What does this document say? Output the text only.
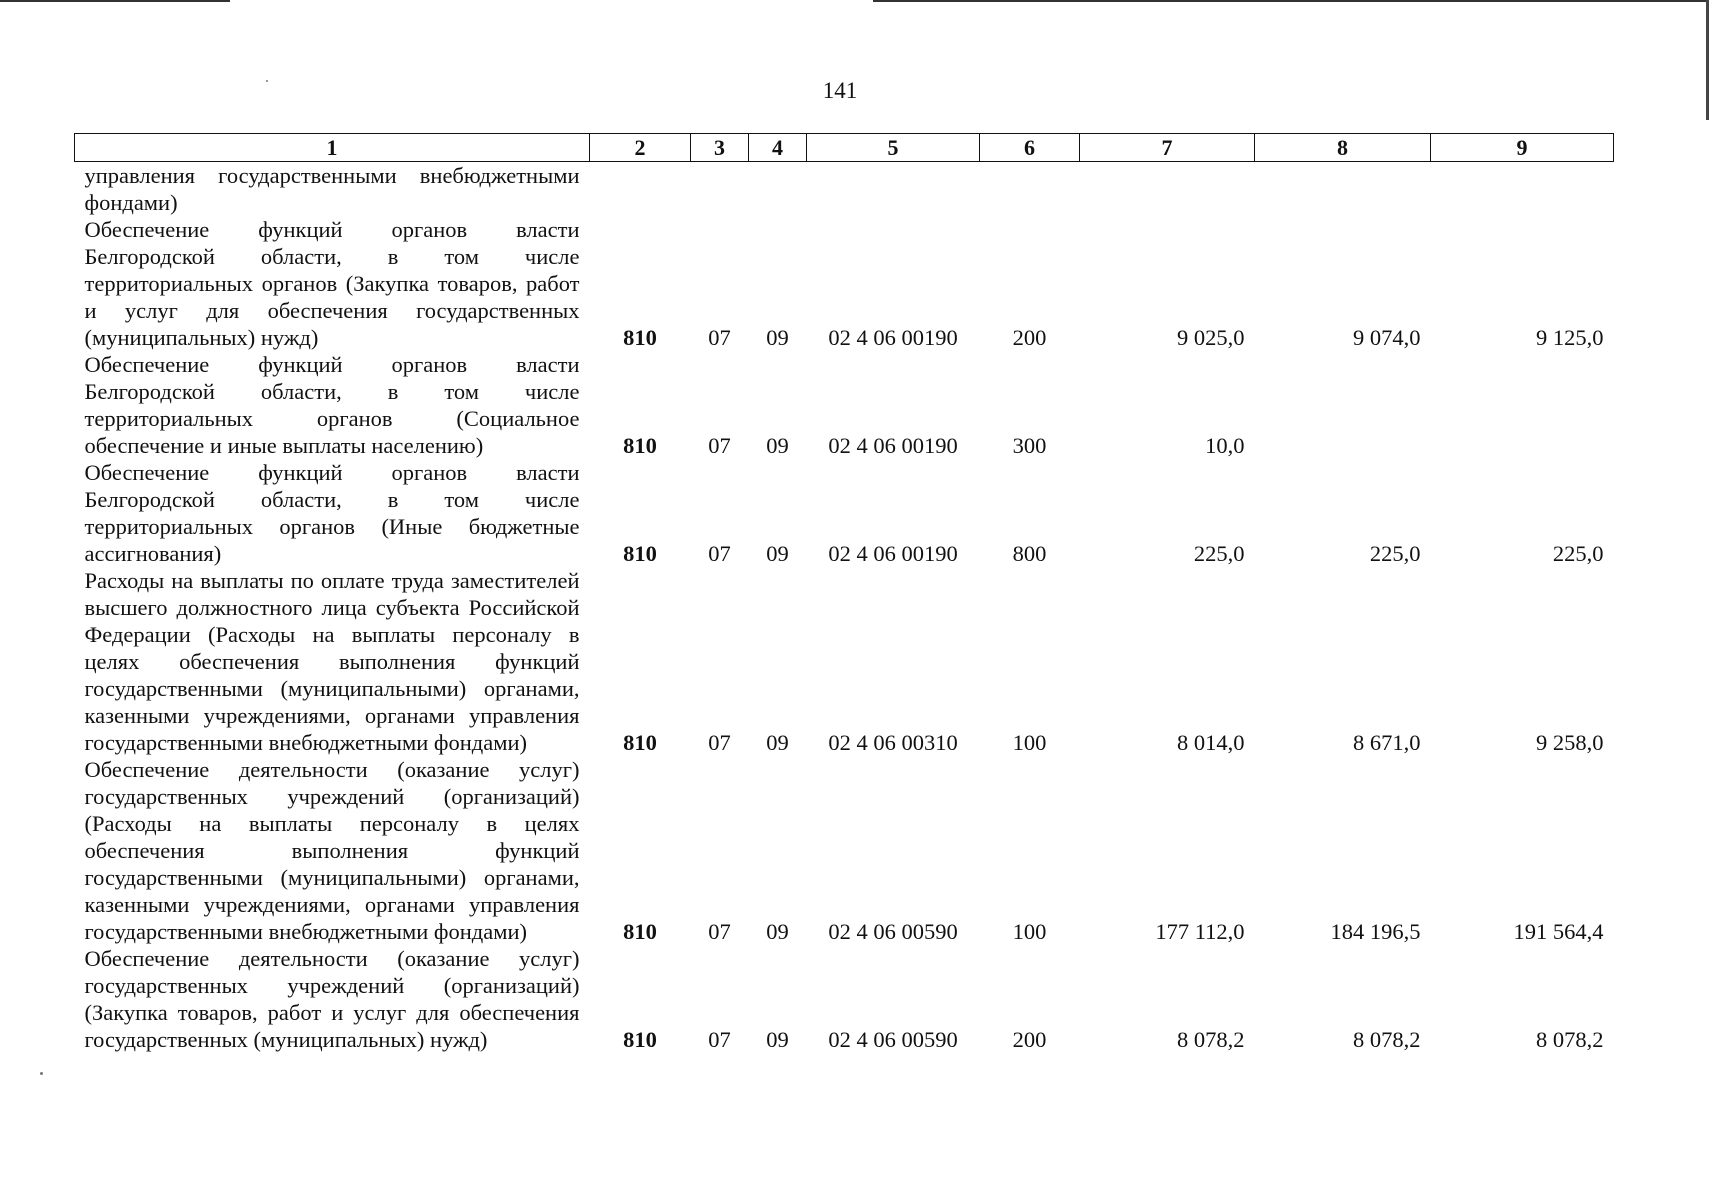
141
1	2	3	4	5	6	7	8	9
управления государственными внебюджетными фондами)								
Обеспечение функций органов власти Белгородской области, в том числе территориальных органов (Закупка товаров, работ и услуг для обеспечения государственных (муниципальных) нужд)	810	07	09	02 4 06 00190	200	9 025,0	9 074,0	9 125,0
Обеспечение функций органов власти Белгородской области, в том числе территориальных органов (Социальное обеспечение и иные выплаты населению)	810	07	09	02 4 06 00190	300	10,0		
Обеспечение функций органов власти Белгородской области, в том числе территориальных органов (Иные бюджетные ассигнования)	810	07	09	02 4 06 00190	800	225,0	225,0	225,0
Расходы на выплаты по оплате труда заместителей высшего должностного лица субъекта Российской Федерации (Расходы на выплаты персоналу в целях обеспечения выполнения функций государственными (муниципальными) органами, казенными учреждениями, органами управления государственными внебюджетными фондами)	810	07	09	02 4 06 00310	100	8 014,0	8 671,0	9 258,0
Обеспечение деятельности (оказание услуг) государственных учреждений (организаций) (Расходы на выплаты персоналу в целях обеспечения выполнения функций государственными (муниципальными) органами, казенными учреждениями, органами управления государственными внебюджетными фондами)	810	07	09	02 4 06 00590	100	177 112,0	184 196,5	191 564,4
Обеспечение деятельности (оказание услуг) государственных учреждений (организаций) (Закупка товаров, работ и услуг для обеспечения государственных (муниципальных) нужд)	810	07	09	02 4 06 00590	200	8 078,2	8 078,2	8 078,2
